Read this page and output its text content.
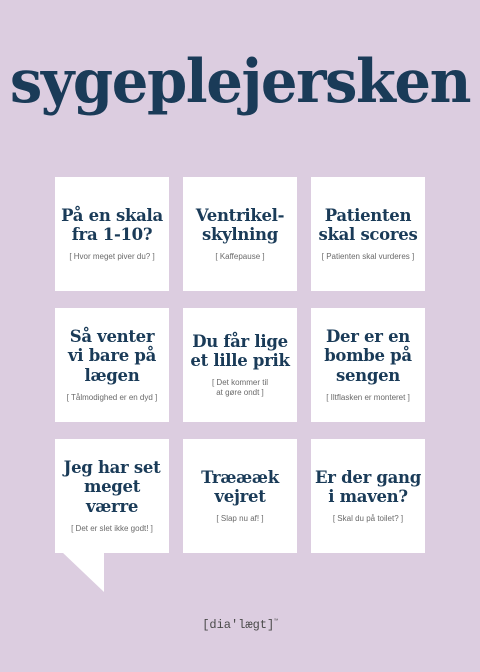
sygeplejersken
På en skala
fra 1-10?
[ Hvor meget piver du? ]
Ventrikel-
skylning
[ Kaffepause ]
Patienten
skal scores
[ Patienten skal vurderes ]
Så venter
vi bare på
lægen
[ Tålmodighed er en dyd ]
Du får lige
et lille prik
[ Det kommer til
at gøre ondt ]
Der er en
bombe på
sengen
[ Iltflasken er monteret ]
Jeg har set
meget værre
[ Det er slet ikke godt! ]
Træææk
vejret
[ Slap nu af! ]
Er der gang
i maven?
[ Skal du på toilet? ]
[dia'lægt]™
